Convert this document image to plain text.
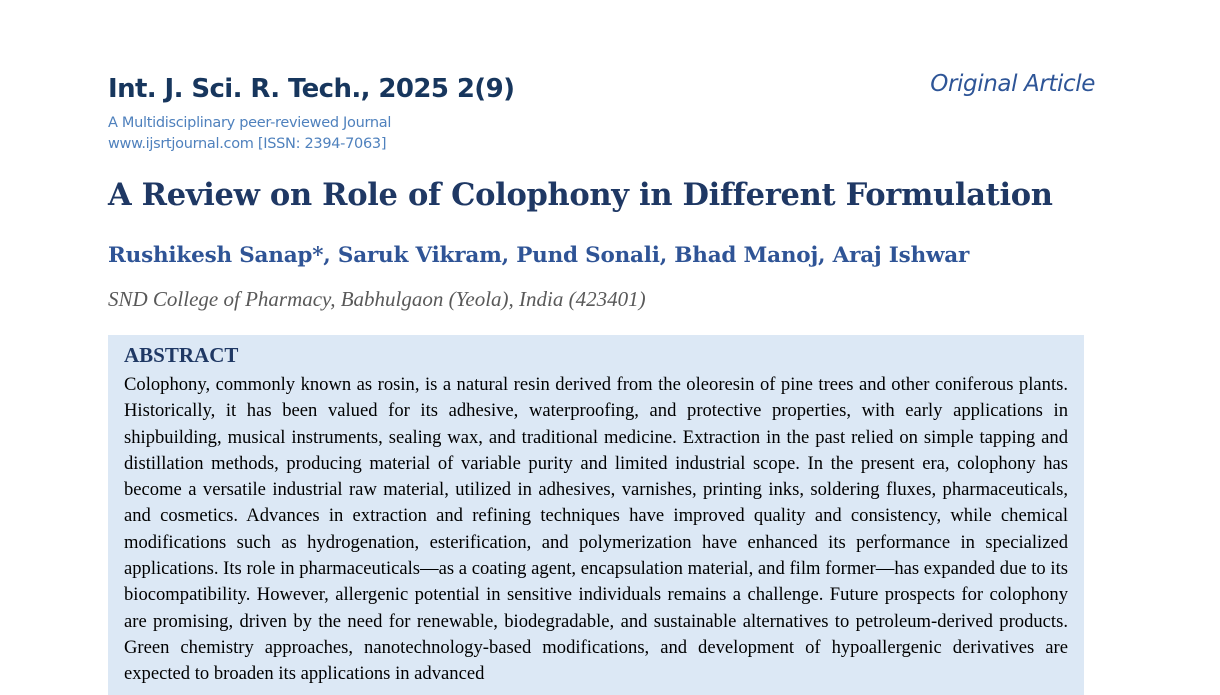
Int. J. Sci. R. Tech., 2025 2(9)
A Multidisciplinary peer-reviewed Journal
www.ijsrtjournal.com [ISSN: 2394-7063]
Original Article
A Review on Role of Colophony in Different Formulation
Rushikesh Sanap*, Saruk Vikram, Pund Sonali, Bhad Manoj, Araj Ishwar
SND College of Pharmacy, Babhulgaon (Yeola), India (423401)
ABSTRACT

Colophony, commonly known as rosin, is a natural resin derived from the oleoresin of pine trees and other coniferous plants. Historically, it has been valued for its adhesive, waterproofing, and protective properties, with early applications in shipbuilding, musical instruments, sealing wax, and traditional medicine. Extraction in the past relied on simple tapping and distillation methods, producing material of variable purity and limited industrial scope. In the present era, colophony has become a versatile industrial raw material, utilized in adhesives, varnishes, printing inks, soldering fluxes, pharmaceuticals, and cosmetics. Advances in extraction and refining techniques have improved quality and consistency, while chemical modifications such as hydrogenation, esterification, and polymerization have enhanced its performance in specialized applications. Its role in pharmaceuticals—as a coating agent, encapsulation material, and film former—has expanded due to its biocompatibility. However, allergenic potential in sensitive individuals remains a challenge. Future prospects for colophony are promising, driven by the need for renewable, biodegradable, and sustainable alternatives to petroleum-derived products. Green chemistry approaches, nanotechnology-based modifications, and development of hypoallergenic derivatives are expected to broaden its applications in advanced
